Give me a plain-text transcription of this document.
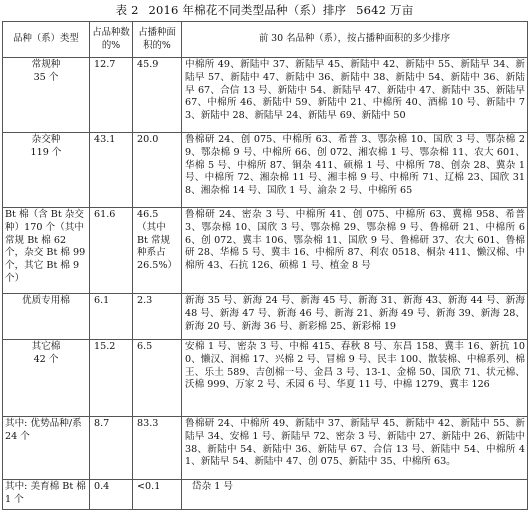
表 2 2016 年棉花不同类型品种（系）排序 5642 万亩
品种（系）类型	占品种数的%	占播种面积的%	前 30 名品种（系），按占播种面积的多少排序

常规种
35 个	12.7	45.9	中棉所 49、新陆中 37、新陆早 45、新陆中 42、新陆中 55、新陆早 34、新陆早 57、新陆中 47、新陆中 36、新陆中 38、新陆中 54、新陆中 36、新陆早 67、合信 13 号、新陆中 54、新陆早 47、新陆中 47、新陆中 35、新陆早 67、中棉所 46、新陆中 59、新陆中 21、中棉所 40、酒棉 10 号、新陆中 73、新陆中 28、新陆早 24、新陆早 69、新陆中 50

杂交种
119 个	43.1	20.0	鲁棉研 24、创 075、中棉所 63、希普 3、鄂杂棉 10、国欣 3 号、鄂杂棉 29、鄂杂棉 9 号、中棉所 66、创 072、湘农棉 1 号、鄂杂棉 11、农大 601、华棉 5 号、中棉所 87、铜杂 411、硕棉 1 号、中棉所 78、创杂 28、冀杂 1 号、中棉所 72、湘杂棉 11 号、湘丰棉 9 号、中棉所 71、辽棉 23、国欣 318、湘杂棉 14 号、国欣 1 号、渝杂 2 号、中棉所 65
Bt 棉（含 Bt 杂交种）170 个（其中常规 Bt 棉 62 个，杂交 Bt 棉 99 个，其它 Bt 棉 9 个）	61.6	46.5
（其中 Bt 常规种系占 26.5%）	鲁棉研 24、密杂 3 号、中棉所 41、创 075、中棉所 63、冀棉 958、希普 3、鄂杂棉 10、国欣 3 号、鄂杂棉 29、鄂杂棉 9 号、鲁棉研 21、中棉所 66、创 072、冀丰 106、鄂杂棉 11、国欣 9 号、鲁棉研 37、农大 601、鲁棉研 28、华棉 5 号、冀丰 16、中棉所 87、利农 0518、桐杂 411、懒汉棉、中棉所 43、石抗 126、硕棉 1 号、植金 8 号
优质专用棉	6.1	2.3	新海 35 号、新海 24 号、新海 45 号、新海 31、新海 43、新海 44 号、新海 48 号、新海 47 号、新海 46 号、新海 21、新海 49 号、新海 39、新海 28、新海 20 号、新海 36 号、新彩棉 25、新彩棉 19

其它棉
42 个	15.2	6.5	安棉 1 号、密杂 3 号、中棉 415、春秋 8 号、东昌 158、冀丰 16、新抗 100、懒汉、润棉 17、兴棉 2 号、冒棉 9 号、民丰 100、散装棉、中棉系列、棉王、乐土 589、吉创棉一号、金昌 3 号、13-1、金棉 50、国欣 71、状元棉、沃棉 999、万家 2 号、禾园 6 号、华夏 11 号、中棉 1279、冀丰 126
其中: 优势品种/系 24 个	8.7	83.3	鲁棉研 24、中棉所 49、新陆中 37、新陆早 45、新陆中 42、新陆中 55、新陆早 34、安棉 1 号、新陆早 72、密杂 3 号、新陆中 27、新陆中 26、新陆中 38、新陆中 54、新陆中 36、新陆早 67、合信 13 号、新陆中 54、中棉所 41、新陆早 54、新陆中 47、创 075、新陆中 35、中棉所 63。
其中: 美育棉 Bt 棉 1 个	0.4	<0.1	岱杂 1 号
